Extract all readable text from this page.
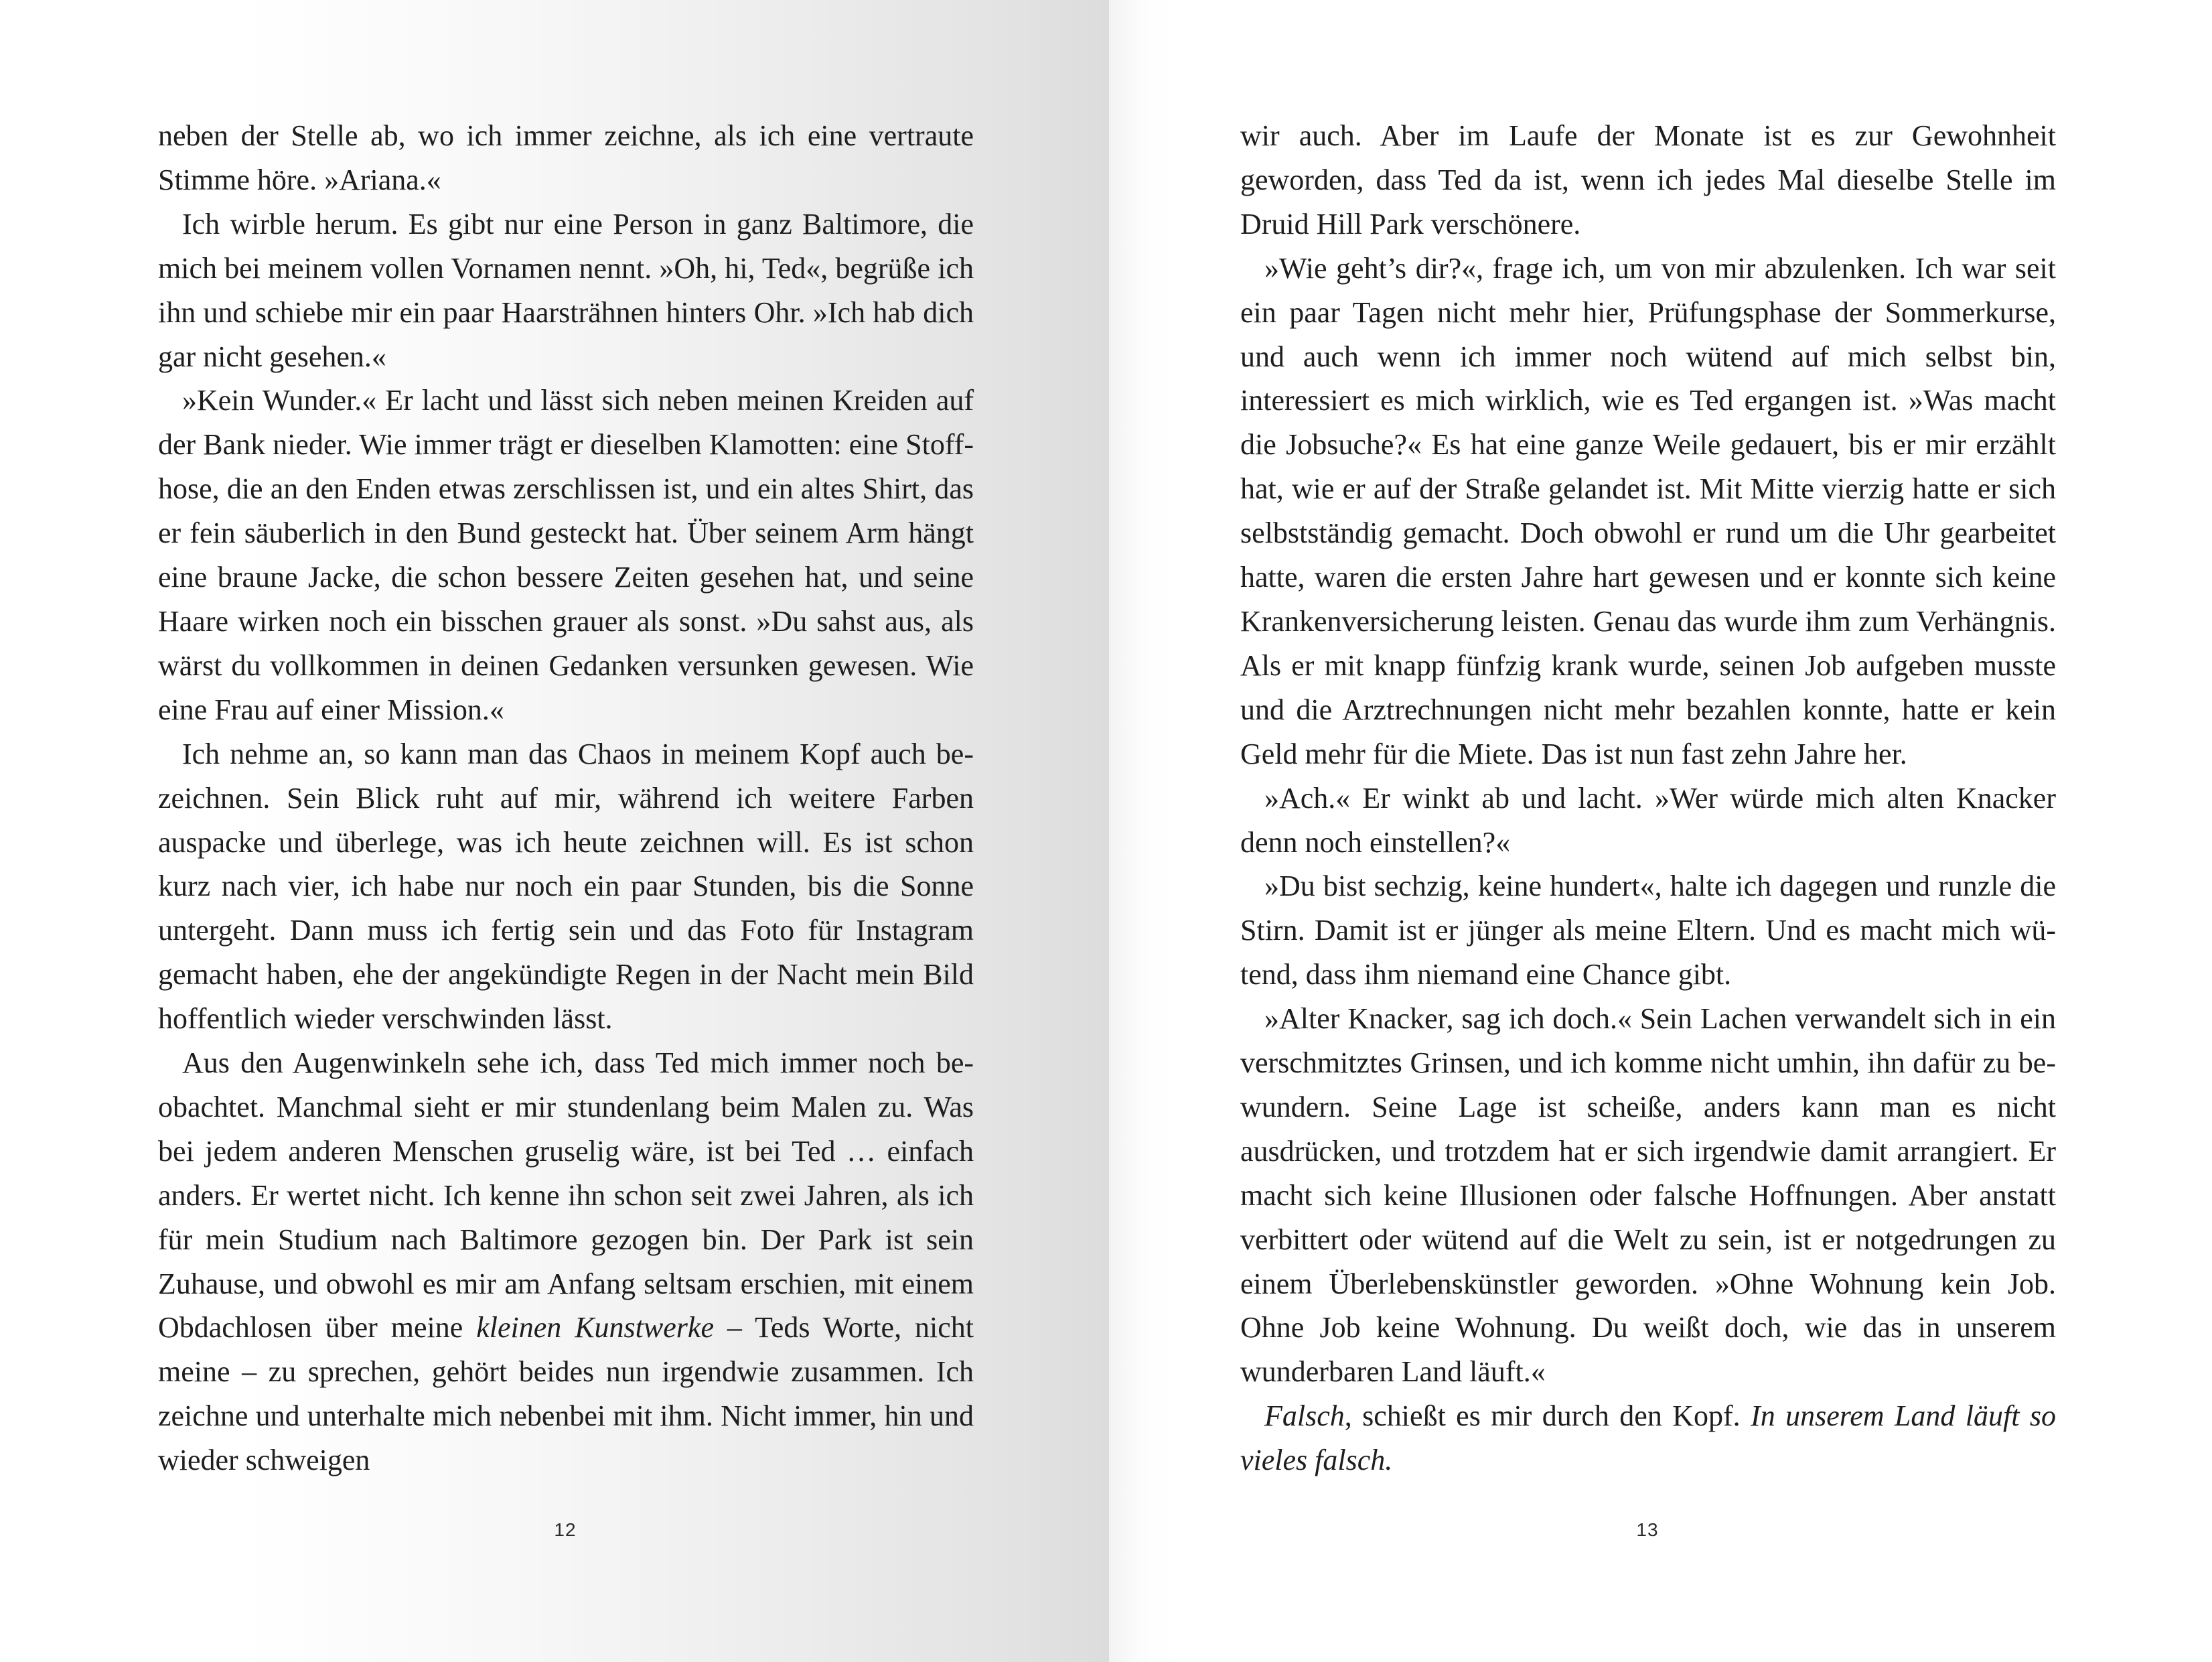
neben der Stelle ab, wo ich immer zeichne, als ich eine vertraute Stimme höre. »Ariana.«

Ich wirble herum. Es gibt nur eine Person in ganz Baltimore, die mich bei meinem vollen Vornamen nennt. »Oh, hi, Ted«, begrüße ich ihn und schiebe mir ein paar Haarsträhnen hinters Ohr. »Ich hab dich gar nicht gesehen.«

»Kein Wunder.« Er lacht und lässt sich neben meinen Kreiden auf der Bank nieder. Wie immer trägt er dieselben Klamotten: eine Stoffhose, die an den Enden etwas zerschlissen ist, und ein altes Shirt, das er fein säuberlich in den Bund gesteckt hat. Über seinem Arm hängt eine braune Jacke, die schon bessere Zeiten gesehen hat, und seine Haare wirken noch ein bisschen grauer als sonst. »Du sahst aus, als wärst du vollkommen in deinen Gedanken versunken gewesen. Wie eine Frau auf einer Mission.«

Ich nehme an, so kann man das Chaos in meinem Kopf auch bezeichnen. Sein Blick ruht auf mir, während ich weitere Farben auspacke und überlege, was ich heute zeichnen will. Es ist schon kurz nach vier, ich habe nur noch ein paar Stunden, bis die Sonne untergeht. Dann muss ich fertig sein und das Foto für Instagram gemacht haben, ehe der angekündigte Regen in der Nacht mein Bild hoffentlich wieder verschwinden lässt.

Aus den Augenwinkeln sehe ich, dass Ted mich immer noch beobachtet. Manchmal sieht er mir stundenlang beim Malen zu. Was bei jedem anderen Menschen gruselig wäre, ist bei Ted … einfach anders. Er wertet nicht. Ich kenne ihn schon seit zwei Jahren, als ich für mein Studium nach Baltimore gezogen bin. Der Park ist sein Zuhause, und obwohl es mir am Anfang seltsam erschien, mit einem Obdachlosen über meine kleinen Kunstwerke – Teds Worte, nicht meine – zu sprechen, gehört beides nun irgendwie zusammen. Ich zeichne und unterhalte mich nebenbei mit ihm. Nicht immer, hin und wieder schweigen

12

wir auch. Aber im Laufe der Monate ist es zur Gewohnheit geworden, dass Ted da ist, wenn ich jedes Mal dieselbe Stelle im Druid Hill Park verschönere.

»Wie geht’s dir?«, frage ich, um von mir abzulenken. Ich war seit ein paar Tagen nicht mehr hier, Prüfungsphase der Sommerkurse, und auch wenn ich immer noch wütend auf mich selbst bin, interessiert es mich wirklich, wie es Ted ergangen ist. »Was macht die Jobsuche?« Es hat eine ganze Weile gedauert, bis er mir erzählt hat, wie er auf der Straße gelandet ist. Mit Mitte vierzig hatte er sich selbstständig gemacht. Doch obwohl er rund um die Uhr gearbeitet hatte, waren die ersten Jahre hart gewesen und er konnte sich keine Krankenversicherung leisten. Genau das wurde ihm zum Verhängnis. Als er mit knapp fünfzig krank wurde, seinen Job aufgeben musste und die Arztrechnungen nicht mehr bezahlen konnte, hatte er kein Geld mehr für die Miete. Das ist nun fast zehn Jahre her.

»Ach.« Er winkt ab und lacht. »Wer würde mich alten Knacker denn noch einstellen?«

»Du bist sechzig, keine hundert«, halte ich dagegen und runzle die Stirn. Damit ist er jünger als meine Eltern. Und es macht mich wütend, dass ihm niemand eine Chance gibt.

»Alter Knacker, sag ich doch.« Sein Lachen verwandelt sich in ein verschmitztes Grinsen, und ich komme nicht umhin, ihn dafür zu bewundern. Seine Lage ist scheiße, anders kann man es nicht ausdrücken, und trotzdem hat er sich irgendwie damit arrangiert. Er macht sich keine Illusionen oder falsche Hoffnungen. Aber anstatt verbittert oder wütend auf die Welt zu sein, ist er notgedrungen zu einem Überlebenskünstler geworden. »Ohne Wohnung kein Job. Ohne Job keine Wohnung. Du weißt doch, wie das in unserem wunderbaren Land läuft.«

Falsch, schießt es mir durch den Kopf. In unserem Land läuft so vieles falsch.

13
